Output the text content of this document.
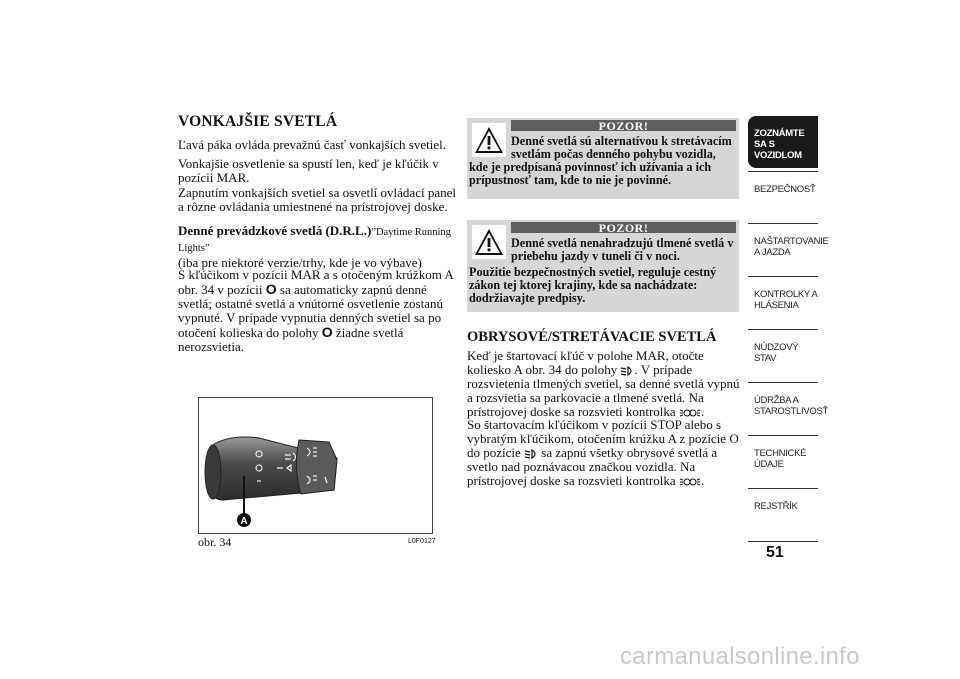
VONKAJŠIE SVETLÁ
Ľavá páka ovláda prevažnú časť vonkajších svetiel.
Vonkajšie osvetlenie sa spustí len, keď je kľúčik v pozícii MAR.
Zapnutím vonkajších svetiel sa osvetlí ovládací panel a rôzne ovládania umiestnené na prístrojovej doske.
Denné prevádzkové svetlá (D.R.L.)”Daytime Running Lights”
(iba pre niektoré verzie/trhy, kde je vo výbave)
S kľúčikom v pozícii MAR a s otočeným krúžkom A obr. 34 v pozícii O sa automaticky zapnú denné svetlá; ostatné svetlá a vnútorné osvetlenie zostanú vypnuté. V prípade vypnutia denných svetiel sa po otočení kolieska do polohy O žiadne svetlá nerozsvietia.
A
obr. 34	L0F0127
POZOR!
Denné svetlá sú alternatívou k stretávacím svetlám počas denného pohybu vozidla,
kde je predpísaná povinnosť ich užívania a ich prípustnosť tam, kde to nie je povinné.
POZOR!
Denné svetlá nenahradzujú tlmené svetlá v priebehu jazdy v tuneli či v noci.
Použitie bezpečnostných svetiel, reguluje cestný zákon tej ktorej krajiny, kde sa nachádzate: dodržiavajte predpisy.
OBRYSOVÉ/STRETÁVACIE SVETLÁ
Keď je štartovací kľúč v polohe MAR, otočte koliesko A obr. 34 do polohy . V prípade rozsvietenia tlmených svetiel, sa denné svetlá vypnú a rozsvietia sa parkovacie a tlmené svetlá. Na prístrojovej doske sa rozsvieti kontrolka .
So štartovacím kľúčikom v pozícii STOP alebo s vybratým kľúčikom, otočením krúžku A z pozície O do pozície  sa zapnú všetky obrysové svetlá a svetlo nad poznávacou značkou vozidla. Na prístrojovej doske sa rozsvieti kontrolka .
ZOZNÁMTE SA S VOZIDLOM
BEZPEČNOSŤ
NAŠTARTOVANIE A JAZDA
KONTROLKY A HLÁSENIA
NÚDZOVÝ STAV
ÚDRŽBA A STAROSTLIVOSŤ
TECHNICKÉ ÚDAJE
REJSTŘÍK
51
carmanualsonline.info
